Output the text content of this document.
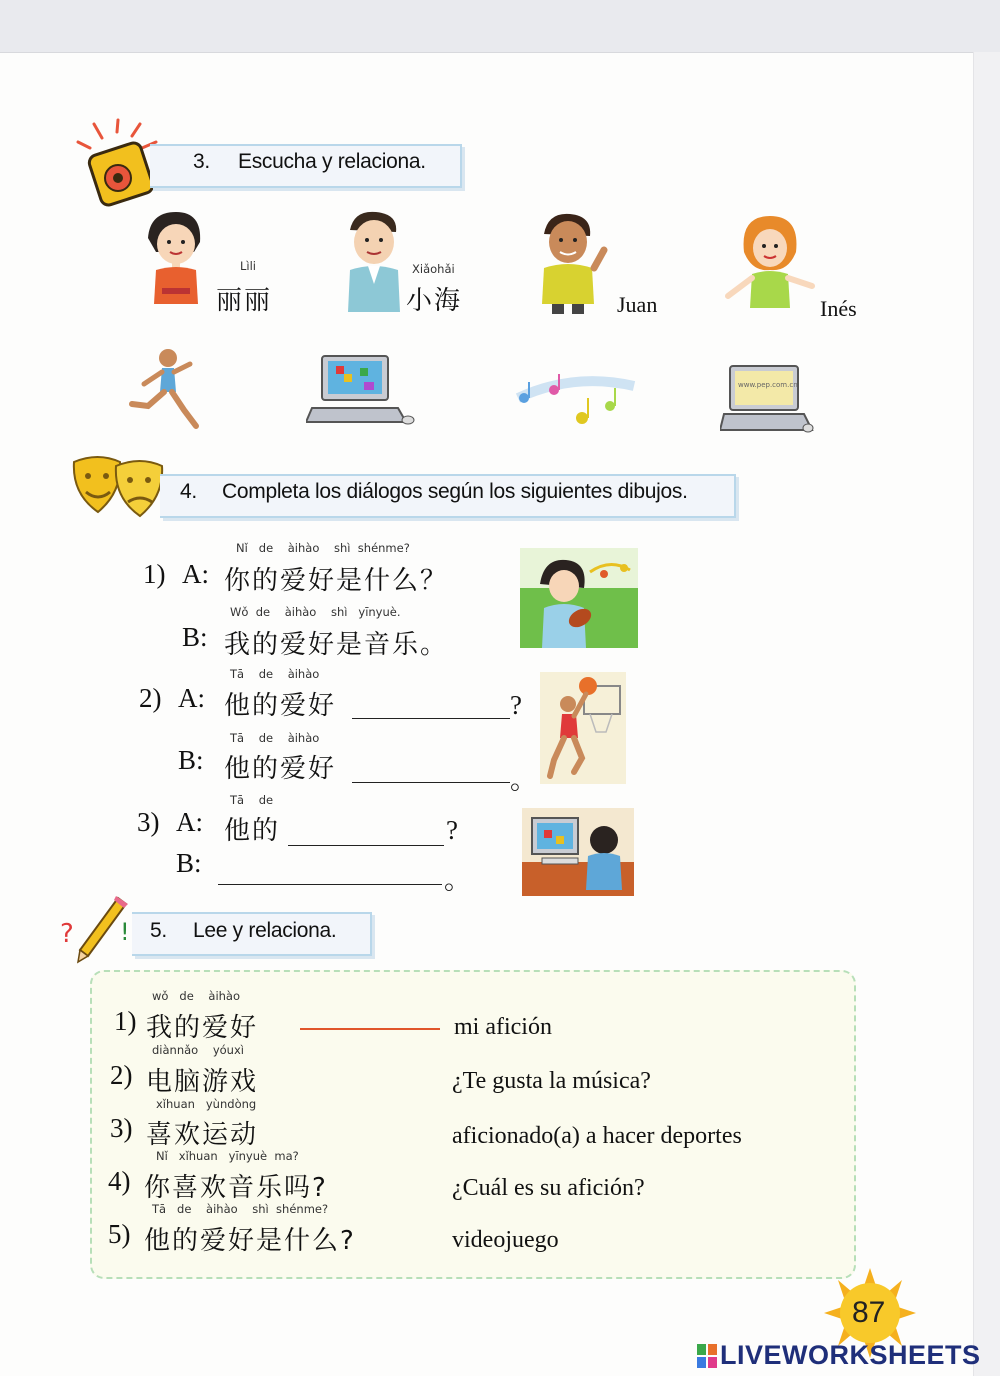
3. Escucha y relaciona.
Lìli
丽丽
Xiǎohǎi
小海	Juan	Inés
www.pep.com.cn
4. Completa los diálogos según los siguientes dibujos.
1) A:
Nǐ   de    àihào    shì  shénme?
你的爱好是什么？
B:
Wǒ  de    àihào    shì   yīnyuè.
我的爱好是音乐。
2) A:
Tā    de    àihào
他的爱好	?
B:
Tā    de    àihào
他的爱好	。
3) A:
Tā    de
他的	?
B:
。
? ! 5. Lee y relaciona.
wǒ   de    àihào
1) 我的爱好
diànnǎo    yóuxì
2) 电脑游戏
xǐhuan   yùndòng
3) 喜欢运动
Nǐ   xǐhuan   yīnyuè  ma?
4) 你喜欢音乐吗?
Tā   de    àihào    shì  shénme?
5) 他的爱好是什么?
mi afición
¿Te gusta la música?
aficionado(a) a hacer deportes
¿Cuál es su afición?
videojuego
87
LIVEWORKSHEETS
